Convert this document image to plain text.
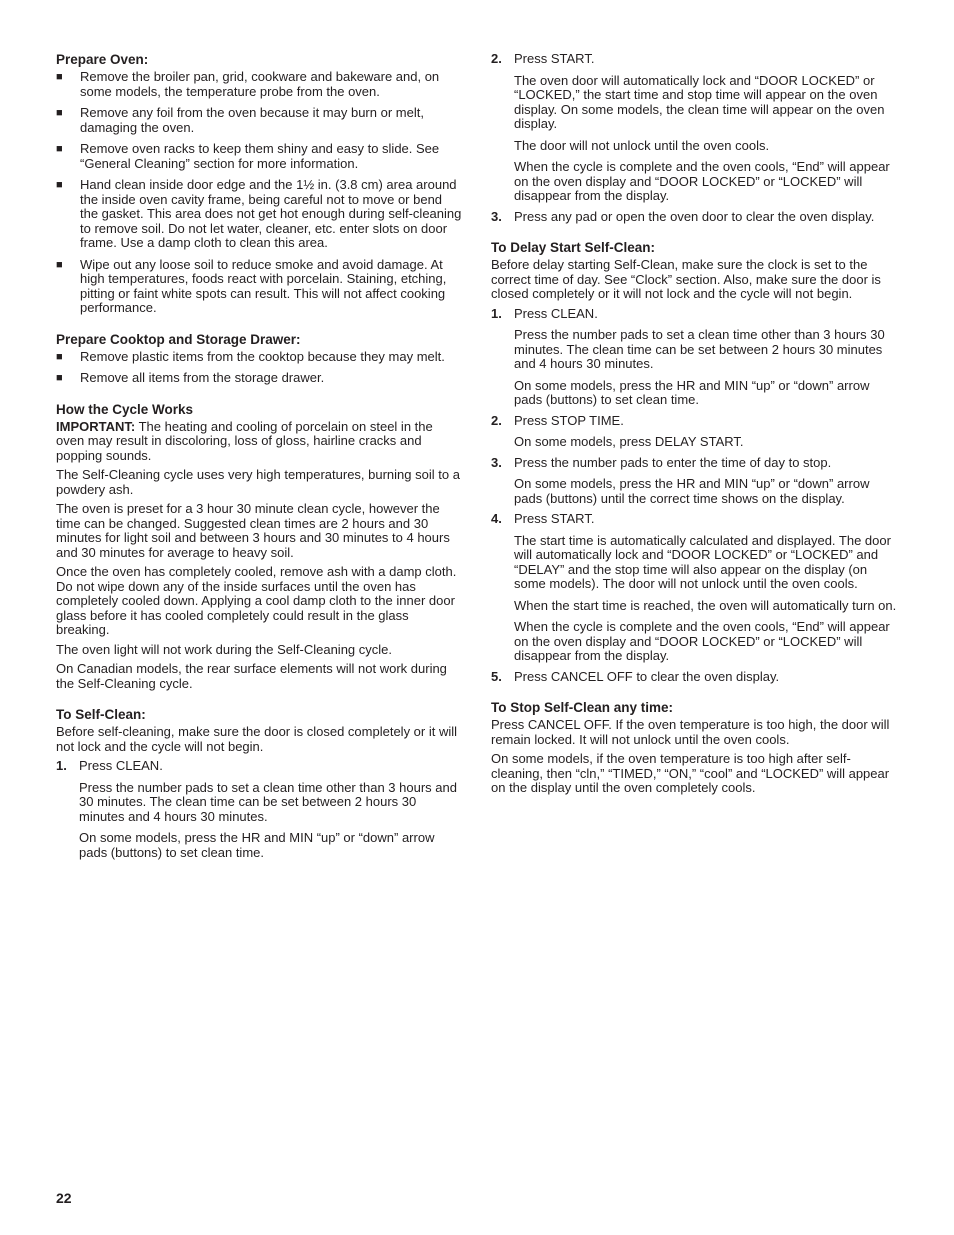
Prepare Oven:
■	Remove the broiler pan, grid, cookware and bakeware and, on some models, the temperature probe from the oven.
■	Remove any foil from the oven because it may burn or melt, damaging the oven.
■	Remove oven racks to keep them shiny and easy to slide. See “General Cleaning” section for more information.
■	Hand clean inside door edge and the 1½ in. (3.8 cm) area around the inside oven cavity frame, being careful not to move or bend the gasket. This area does not get hot enough during self-cleaning to remove soil. Do not let water, cleaner, etc. enter slots on door frame. Use a damp cloth to clean this area.
■	Wipe out any loose soil to reduce smoke and avoid damage. At high temperatures, foods react with porcelain. Staining, etching, pitting or faint white spots can result. This will not affect cooking performance.
Prepare Cooktop and Storage Drawer:
■	Remove plastic items from the cooktop because they may melt.
■	Remove all items from the storage drawer.
How the Cycle Works

IMPORTANT: The heating and cooling of porcelain on steel in the oven may result in discoloring, loss of gloss, hairline cracks and popping sounds.

The Self-Cleaning cycle uses very high temperatures, burning soil to a powdery ash.

The oven is preset for a 3 hour 30 minute clean cycle, however the time can be changed. Suggested clean times are 2 hours and 30 minutes for light soil and between 3 hours and 30 minutes to 4 hours and 30 minutes for average to heavy soil.

Once the oven has completely cooled, remove ash with a damp cloth. Do not wipe down any of the inside surfaces until the oven has completely cooled down. Applying a cool damp cloth to the inner door glass before it has cooled completely could result in the glass breaking.

The oven light will not work during the Self-Cleaning cycle.

On Canadian models, the rear surface elements will not work during the Self-Cleaning cycle.

To Self-Clean:

Before self-cleaning, make sure the door is closed completely or it will not lock and the cycle will not begin.

1. Press CLEAN.

Press the number pads to set a clean time other than 3 hours and 30 minutes. The clean time can be set between 2 hours 30 minutes and 4 hours 30 minutes.

On some models, press the HR and MIN “up” or “down” arrow pads (buttons) to set clean time.

2. Press START.

The oven door will automatically lock and “DOOR LOCKED” or “LOCKED,” the start time and stop time will appear on the oven display. On some models, the clean time will appear on the oven display.

The door will not unlock until the oven cools.

When the cycle is complete and the oven cools, “End” will appear on the oven display and “DOOR LOCKED” or “LOCKED” will disappear from the display.

3. Press any pad or open the oven door to clear the oven display.

To Delay Start Self-Clean:

Before delay starting Self-Clean, make sure the clock is set to the correct time of day. See “Clock” section. Also, make sure the door is closed completely or it will not lock and the cycle will not begin.

1. Press CLEAN.

Press the number pads to set a clean time other than 3 hours 30 minutes. The clean time can be set between 2 hours 30 minutes and 4 hours 30 minutes.

On some models, press the HR and MIN “up” or “down” arrow pads (buttons) to set clean time.

2. Press STOP TIME.

On some models, press DELAY START.

3. Press the number pads to enter the time of day to stop.

On some models, press the HR and MIN “up” or “down” arrow pads (buttons) until the correct time shows on the display.

4. Press START.

The start time is automatically calculated and displayed. The door will automatically lock and “DOOR LOCKED” or “LOCKED” and “DELAY” and the stop time will also appear on the display (on some models). The door will not unlock until the oven cools.

When the start time is reached, the oven will automatically turn on.

When the cycle is complete and the oven cools, “End” will appear on the oven display and “DOOR LOCKED” or “LOCKED” will disappear from the display.

5. Press CANCEL OFF to clear the oven display.

To Stop Self-Clean any time:

Press CANCEL OFF. If the oven temperature is too high, the door will remain locked. It will not unlock until the oven cools.

On some models, if the oven temperature is too high after self-cleaning, then “cln,” “TIMED,” “ON,” “cool” and “LOCKED” will appear on the display until the oven completely cools.

22
